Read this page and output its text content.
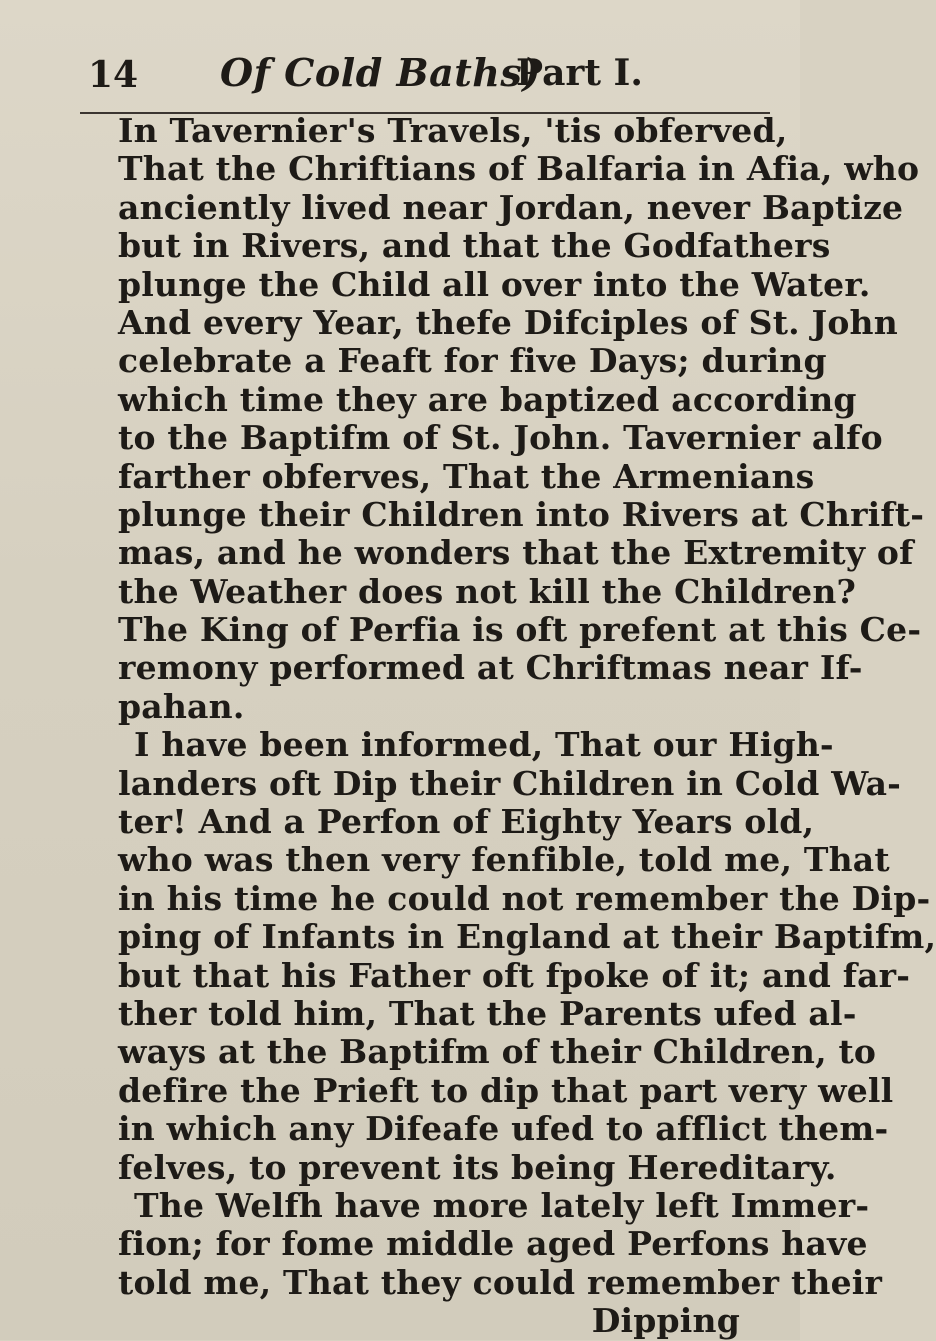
14 Of Cold Baths)
Part I.
In Tavernier's Travels, 'tis obferved,
That the Chriftians of Balfaria in Afia, who
anciently lived near Jordan, never Baptize
but in Rivers, and that the Godfathers
plunge the Child all over into the Water.
And every Year, thefe Difciples of St. John
celebrate a Feaft for five Days; during
which time they are baptized according
to the Baptifm of St. John. Tavernier alfo
farther obferves, That the Armenians
plunge their Children into Rivers at Chrift-
mas, and he wonders that the Extremity of
the Weather does not kill the Children?
The King of Perfia is oft prefent at this Ce-
remony performed at Chriftmas near If-
pahan.
I have been informed, That our High-
landers oft Dip their Children in Cold Wa-
ter! And a Perfon of Eighty Years old,
who was then very fenfible, told me, That
in his time he could not remember the Dip-
ping of Infants in England at their Baptifm,
but that his Father oft fpoke of it; and far-
ther told him, That the Parents ufed al-
ways at the Baptifm of their Children, to
defire the Prieft to dip that part very well
in which any Difeafe ufed to afflict them-
felves, to prevent its being Hereditary.
The Welfh have more lately left Immer-
fion; for fome middle aged Perfons have
told me, That they could remember their
Dipping
